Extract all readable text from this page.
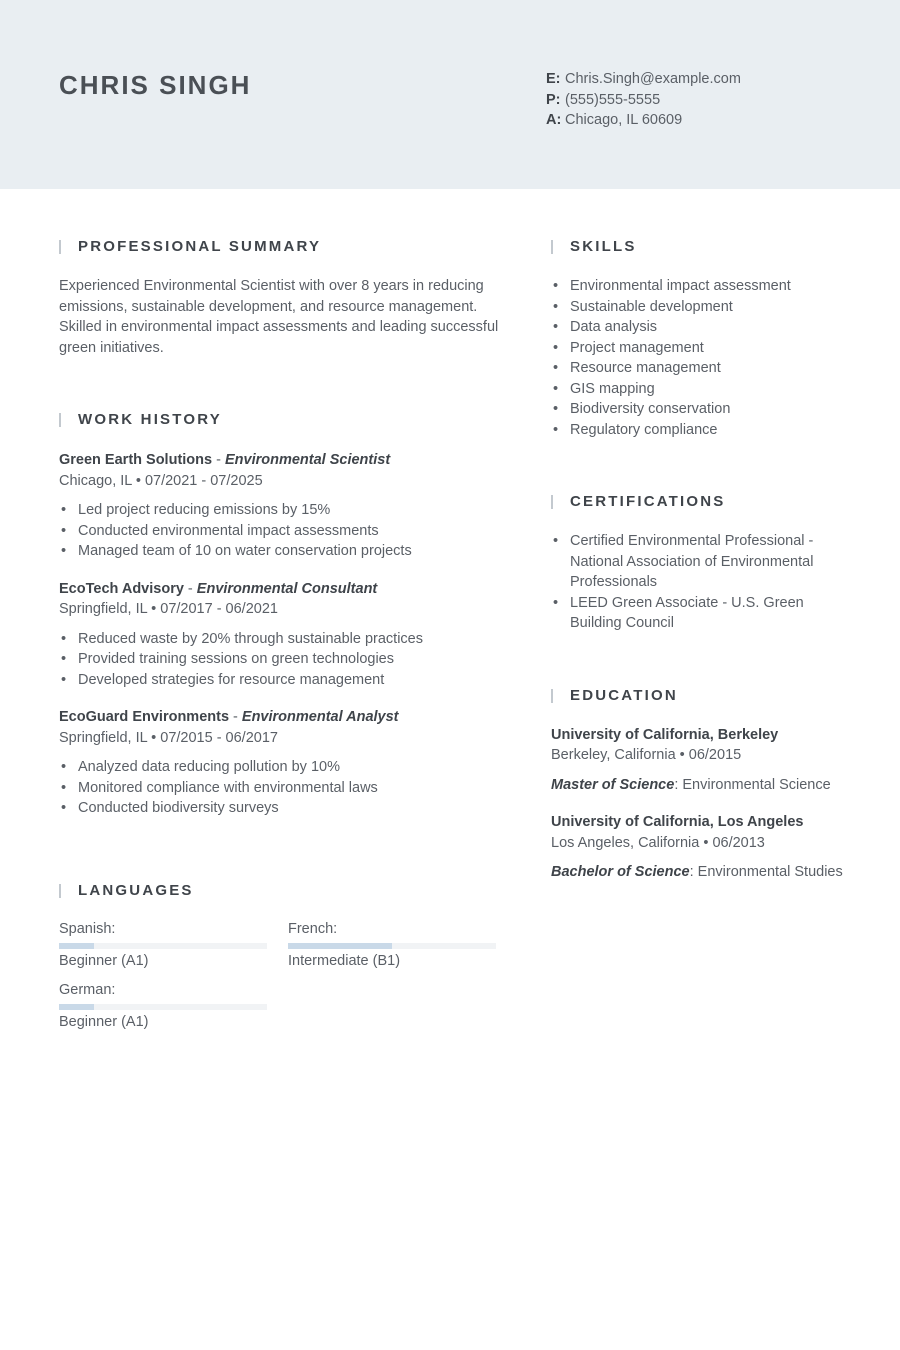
CHRIS SINGH	E: Chris.Singh@example.com
P: (555)555-5555
A: Chicago, IL 60609
PROFESSIONAL SUMMARY
Experienced Environmental Scientist with over 8 years in reducing emissions, sustainable development, and resource management. Skilled in environmental impact assessments and leading successful green initiatives.
WORK HISTORY
Green Earth Solutions - Environmental Scientist
Chicago, IL • 07/2021 - 07/2025
• Led project reducing emissions by 15%
• Conducted environmental impact assessments
• Managed team of 10 on water conservation projects
EcoTech Advisory - Environmental Consultant
Springfield, IL • 07/2017 - 06/2021
• Reduced waste by 20% through sustainable practices
• Provided training sessions on green technologies
• Developed strategies for resource management
EcoGuard Environments - Environmental Analyst
Springfield, IL • 07/2015 - 06/2017
• Analyzed data reducing pollution by 10%
• Monitored compliance with environmental laws
• Conducted biodiversity surveys
LANGUAGES
Spanish:
Beginner (A1)
French:
Intermediate (B1)
German:
Beginner (A1)
SKILLS
• Environmental impact assessment
• Sustainable development
• Data analysis
• Project management
• Resource management
• GIS mapping
• Biodiversity conservation
• Regulatory compliance
CERTIFICATIONS
• Certified Environmental Professional - National Association of Environmental Professionals
• LEED Green Associate - U.S. Green Building Council
EDUCATION
University of California, Berkeley
Berkeley, California • 06/2015
Master of Science: Environmental Science
University of California, Los Angeles
Los Angeles, California • 06/2013
Bachelor of Science: Environmental Studies
